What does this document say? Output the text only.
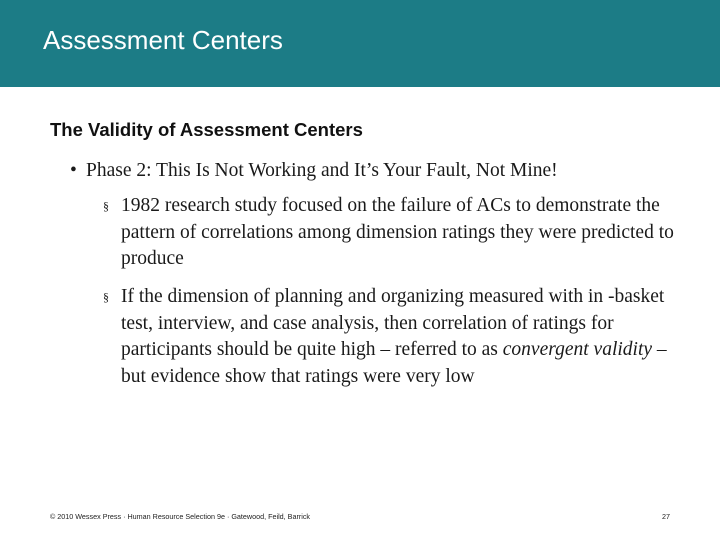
Assessment Centers
The Validity of Assessment Centers
• Phase 2: This Is Not Working and It’s Your Fault, Not Mine!
§ 1982 research study focused on the failure of ACs to demonstrate the pattern of correlations among dimension ratings they were predicted to produce
§ If the dimension of planning and organizing measured with in -basket test, interview, and case analysis, then correlation of ratings for participants should be quite high – referred to as convergent validity – but evidence show that ratings were very low
© 2010 Wessex Press · Human Resource Selection 9e · Gatewood, Feild, Barrick	27
